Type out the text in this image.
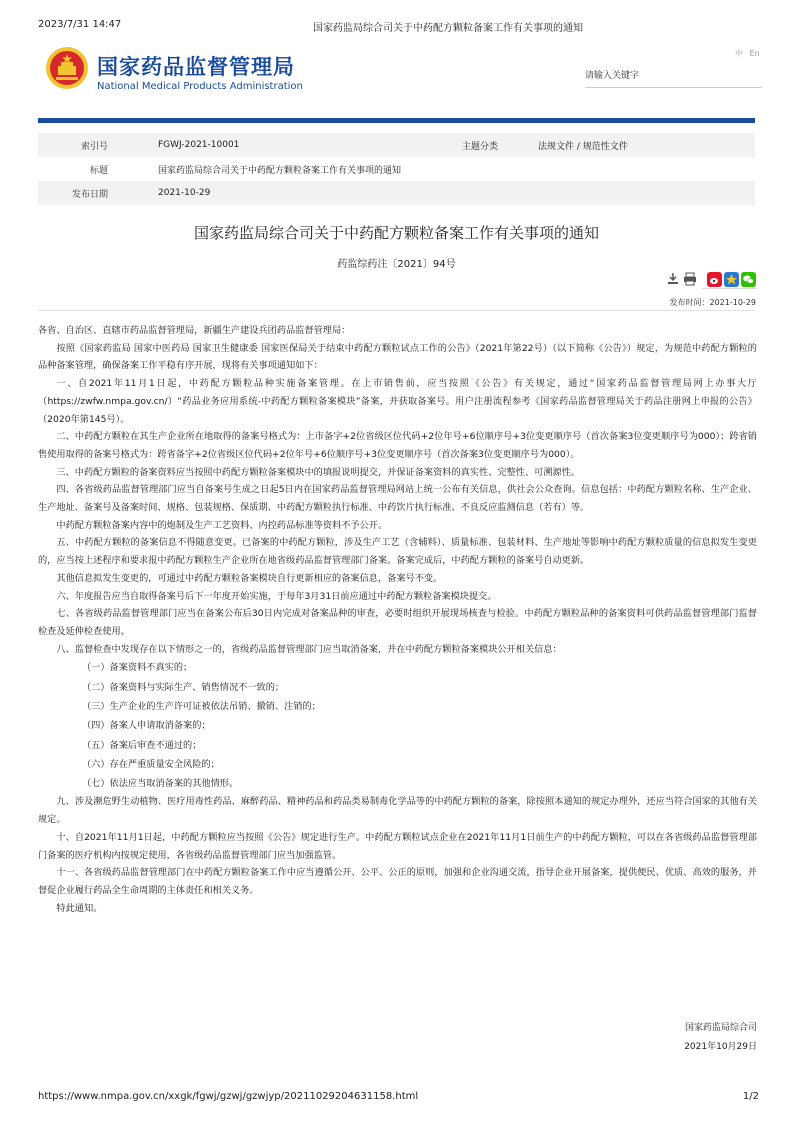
2023/7/31 14:47	国家药监局综合司关于中药配方颗粒备案工作有关事项的通知
国家药品监督管理局
National Medical Products Administration
中 En
请输入关键字
索引号	FGWJ-2021-10001	主题分类	法规文件 / 规范性文件
标题	国家药监局综合司关于中药配方颗粒备案工作有关事项的通知		
发布日期	2021-10-29		
国家药监局综合司关于中药配方颗粒备案工作有关事项的通知
药监综药注〔2021〕94号
发布时间：2021-10-29

各省、自治区、直辖市药品监督管理局，新疆生产建设兵团药品监督管理局：

按照《国家药监局 国家中医药局 国家卫生健康委 国家医保局关于结束中药配方颗粒试点工作的公告》（2021年第22号）（以下简称《公告》）规定，为规范中药配方颗粒的品种备案管理，确保备案工作平稳有序开展，现将有关事项通知如下：

一、自2021年11月1日起，中药配方颗粒品种实施备案管理。在上市销售前，应当按照《公告》有关规定，通过“国家药品监督管理局网上办事大厅（https://zwfw.nmpa.gov.cn/）“药品业务应用系统-中药配方颗粒备案模块”备案，并获取备案号。用户注册流程参考《国家药品监督管理局关于药品注册网上申报的公告》（2020年第145号）。

二、中药配方颗粒在其生产企业所在地取得的备案号格式为：上市备字+2位省级区位代码+2位年号+6位顺序号+3位变更顺序号（首次备案3位变更顺序号为000）；跨省销售使用取得的备案号格式为：跨省备字+2位省级区位代码+2位年号+6位顺序号+3位变更顺序号（首次备案3位变更顺序号为000）。

三、中药配方颗粒的备案资料应当按照中药配方颗粒备案模块中的填报说明提交，并保证备案资料的真实性、完整性、可溯源性。

四、各省级药品监督管理部门应当自备案号生成之日起5日内在国家药品监督管理局网站上统一公布有关信息，供社会公众查询。信息包括：中药配方颗粒名称、生产企业、生产地址、备案号及备案时间、规格、包装规格、保质期、中药配方颗粒执行标准、中药饮片执行标准、不良反应监测信息（若有）等。

中药配方颗粒备案内容中的炮制及生产工艺资料、内控药品标准等资料不予公开。

五、中药配方颗粒的备案信息不得随意变更。已备案的中药配方颗粒，涉及生产工艺（含辅料）、质量标准、包装材料、生产地址等影响中药配方颗粒质量的信息拟发生变更的，应当按上述程序和要求报中药配方颗粒生产企业所在地省级药品监督管理部门备案。备案完成后，中药配方颗粒的备案号自动更新。

其他信息拟发生变更的，可通过中药配方颗粒备案模块自行更新相应的备案信息，备案号不变。

六、年度报告应当自取得备案号后下一年度开始实施，于每年3月31日前应通过中药配方颗粒备案模块提交。

七、各省级药品监督管理部门应当在备案公布后30日内完成对备案品种的审查，必要时组织开展现场核查与检验。中药配方颗粒品种的备案资料可供药品监督管理部门监督检查及延伸检查使用。

八、监督检查中发现存在以下情形之一的，省级药品监督管理部门应当取消备案，并在中药配方颗粒备案模块公开相关信息：

（一）备案资料不真实的；

（二）备案资料与实际生产、销售情况不一致的；

（三）生产企业的生产许可证被依法吊销、撤销、注销的；

（四）备案人申请取消备案的；

（五）备案后审查不通过的；

（六）存在严重质量安全风险的；

（七）依法应当取消备案的其他情形。

九、涉及濒危野生动植物、医疗用毒性药品、麻醉药品、精神药品和药品类易制毒化学品等的中药配方颗粒的备案，除按照本通知的规定办理外，还应当符合国家的其他有关规定。

十、自2021年11月1日起，中药配方颗粒应当按照《公告》规定进行生产。中药配方颗粒试点企业在2021年11月1日前生产的中药配方颗粒，可以在各省级药品监督管理部门备案的医疗机构内按规定使用，各省级药品监督管理部门应当加强监管。

十一、各省级药品监督管理部门在中药配方颗粒备案工作中应当遵循公开、公平、公正的原则，加强和企业沟通交流，指导企业开展备案，提供便民、优质、高效的服务，并督促企业履行药品全生命周期的主体责任和相关义务。

特此通知。

国家药监局综合司
2021年10月29日
https://www.nmpa.gov.cn/xxgk/fgwj/gzwj/gzwjyp/20211029204631158.html	1/2
